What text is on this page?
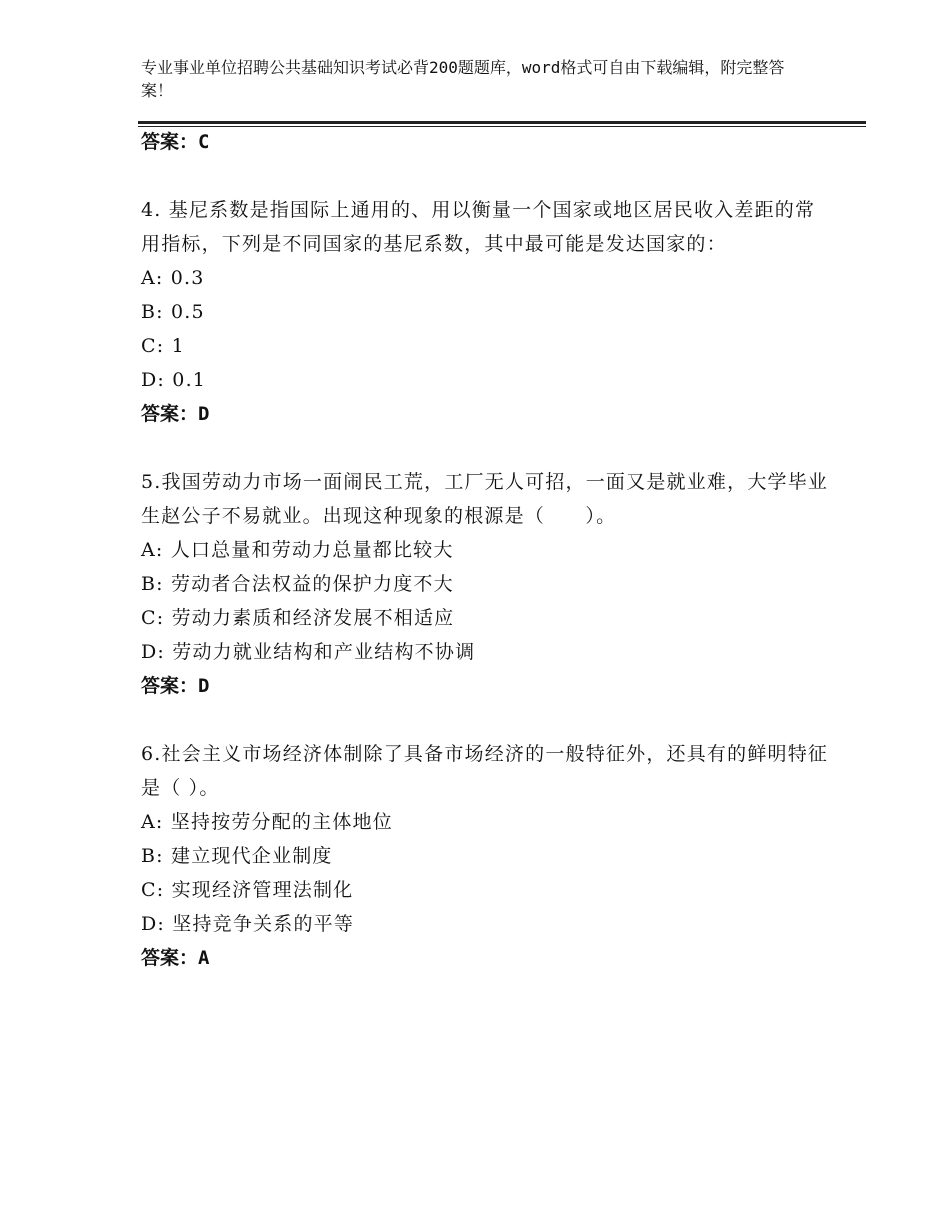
专业事业单位招聘公共基础知识考试必背200题题库，word格式可自由下载编辑，附完整答案！
答案：C

4. 基尼系数是指国际上通用的、用以衡量一个国家或地区居民收入差距的常用指标，下列是不同国家的基尼系数，其中最可能是发达国家的：

A: 0.3
B: 0.5
C: 1
D: 0.1
答案：D

5.我国劳动力市场一面闹民工荒，工厂无人可招，一面又是就业难，大学毕业生赵公子不易就业。出现这种现象的根源是（　　）。

A: 人口总量和劳动力总量都比较大
B: 劳动者合法权益的保护力度不大
C: 劳动力素质和经济发展不相适应
D: 劳动力就业结构和产业结构不协调
答案：D

6.社会主义市场经济体制除了具备市场经济的一般特征外，还具有的鲜明特征是（ ）。

A: 坚持按劳分配的主体地位
B: 建立现代企业制度
C: 实现经济管理法制化
D: 坚持竞争关系的平等
答案：A
